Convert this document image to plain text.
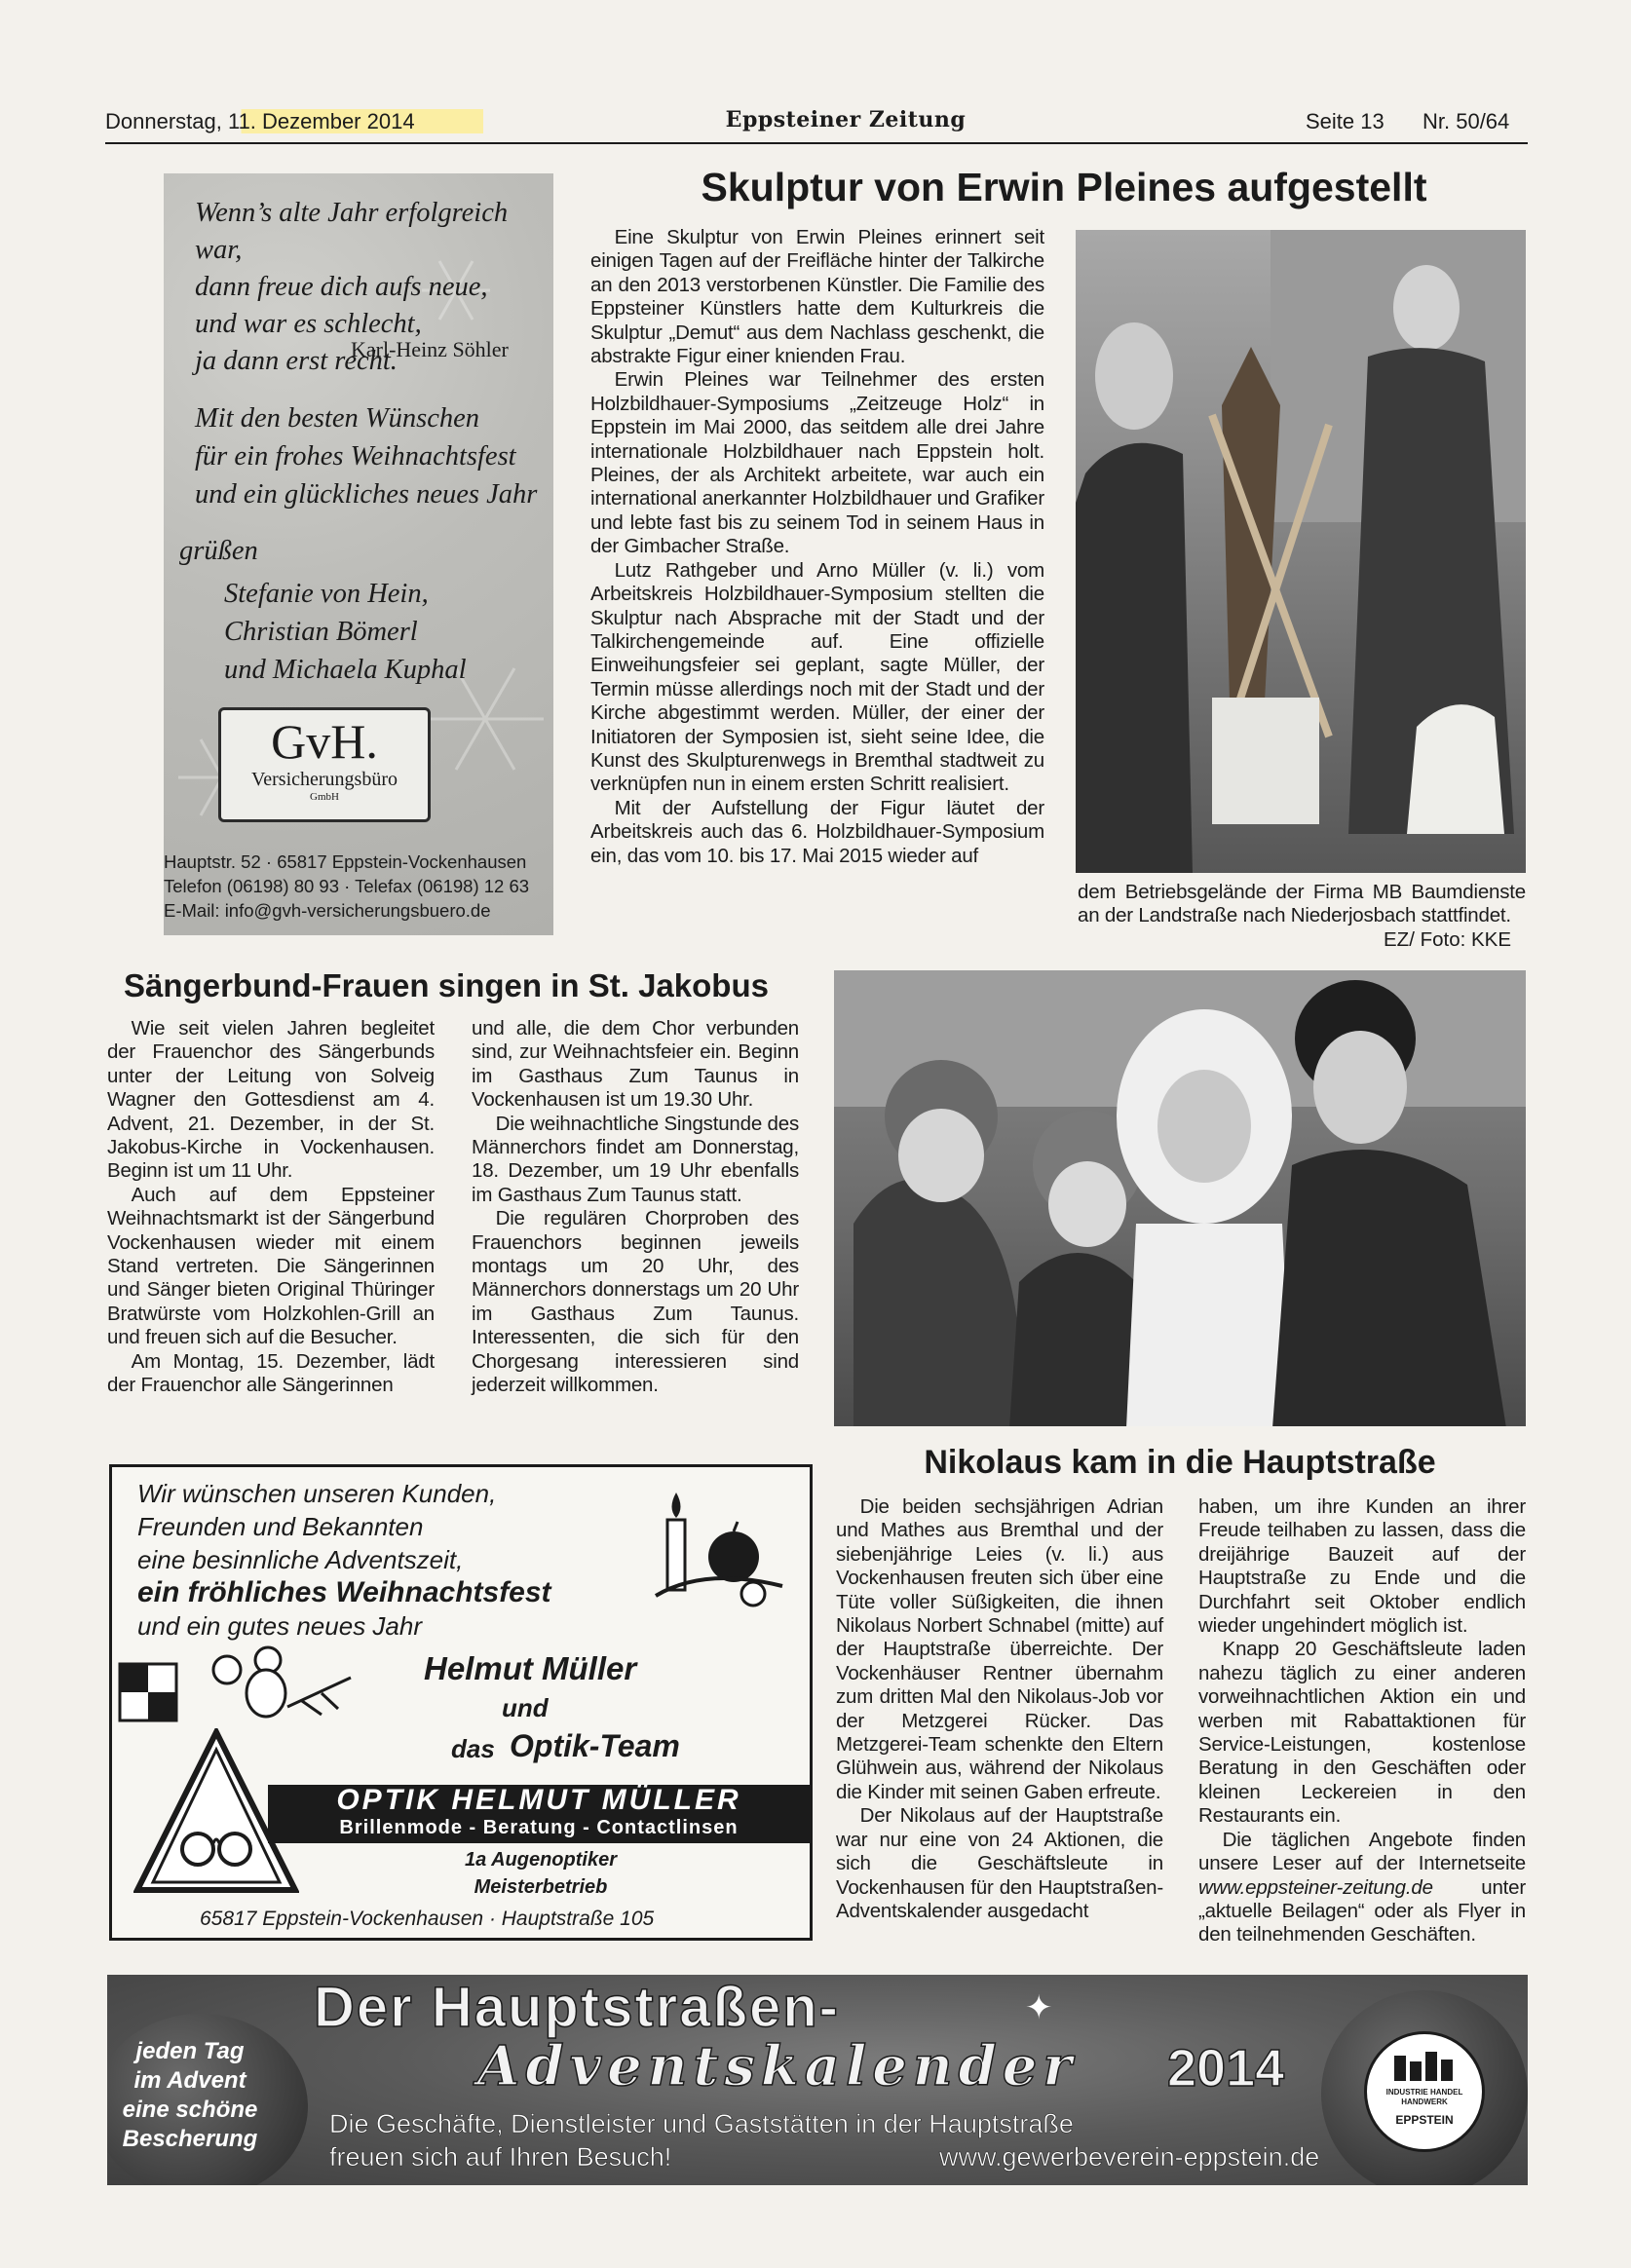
Donnerstag, 11. Dezember 2014	Eppsteiner Zeitung	Seite 13 Nr. 50/64
Wenn’s alte Jahr erfolgreich war,
dann freue dich aufs neue,
und war es schlecht,
ja dann erst recht.
Karl-Heinz Söhler
Mit den besten Wünschen
für ein frohes Weihnachtsfest
und ein glückliches neues Jahr
grüßen
Stefanie von Hein,
Christian Bömerl
und Michaela Kuphal
GvH.
Versicherungsbüro
GmbH
Hauptstr. 52 · 65817 Eppstein-Vockenhausen
Telefon (06198) 80 93 · Telefax (06198) 12 63
E-Mail: info@gvh-versicherungsbuero.de
Skulptur von Erwin Pleines aufgestellt

Eine Skulptur von Erwin Pleines erinnert seit einigen Tagen auf der Freifläche hinter der Talkirche an den 2013 verstorbenen Künstler. Die Familie des Eppsteiner Künstlers hatte dem Kulturkreis die Skulptur „Demut“ aus dem Nachlass geschenkt, die abstrakte Figur einer knienden Frau.

Erwin Pleines war Teilnehmer des ersten Holzbildhauer-Symposiums „Zeitzeuge Holz“ in Eppstein im Mai 2000, das seitdem alle drei Jahre internationale Holzbildhauer nach Eppstein holt. Pleines, der als Architekt arbeitete, war auch ein international anerkannter Holzbildhauer und Grafiker und lebte fast bis zu seinem Tod in seinem Haus in der Gimbacher Straße.

Lutz Rathgeber und Arno Müller (v. li.) vom Arbeitskreis Holzbildhauer-Symposium stellten die Skulptur nach Absprache mit der Stadt und der Talkirchengemeinde auf. Eine offizielle Einweihungsfeier sei geplant, sagte Müller, der Termin müsse allerdings noch mit der Stadt und der Kirche abgestimmt werden. Müller, der einer der Initiatoren der Symposien ist, sieht seine Idee, die Kunst des Skulpturenwegs in Bremthal stadtweit zu verknüpfen nun in einem ersten Schritt realisiert.

Mit der Aufstellung der Figur läutet der Arbeitskreis auch das 6. Holzbildhauer-Symposium ein, das vom 10. bis 17. Mai 2015 wieder auf

dem Betriebsgelände der Firma MB Baumdienste an der Landstraße nach Niederjosbach stattfindet.
EZ/ Foto: KKE
Sängerbund-Frauen singen in St. Jakobus

Wie seit vielen Jahren begleitet der Frauenchor des Sängerbunds unter der Leitung von Solveig Wagner den Gottesdienst am 4. Advent, 21. Dezember, in der St. Jakobus-Kirche in Vockenhausen. Beginn ist um 11 Uhr.

Auch auf dem Eppsteiner Weihnachtsmarkt ist der Sängerbund Vockenhausen wieder mit einem Stand vertreten. Die Sängerinnen und Sänger bieten Original Thüringer Bratwürste vom Holzkohlen-Grill an und freuen sich auf die Besucher.

Am Montag, 15. Dezember, lädt der Frauenchor alle Sängerinnen

und alle, die dem Chor verbunden sind, zur Weihnachtsfeier ein. Beginn im Gasthaus Zum Taunus in Vockenhausen ist um 19.30 Uhr.

Die weihnachtliche Singstunde des Männerchors findet am Donnerstag, 18. Dezember, um 19 Uhr ebenfalls im Gasthaus Zum Taunus statt.

Die regulären Chorproben des Frauenchors beginnen jeweils montags um 20 Uhr, des Männerchors donnerstags um 20 Uhr im Gasthaus Zum Taunus. Interessenten, die sich für den Chorgesang interessieren sind jederzeit willkommen.

Nikolaus kam in die Hauptstraße

Die beiden sechsjährigen Adrian und Mathes aus Bremthal und der siebenjährige Leies (v. li.) aus Vockenhausen freuten sich über eine Tüte voller Süßigkeiten, die ihnen Nikolaus Norbert Schnabel (mitte) auf der Hauptstraße überreichte. Der Vockenhäuser Rentner übernahm zum dritten Mal den Nikolaus-Job vor der Metzgerei Rücker. Das Metzgerei-Team schenkte den Eltern Glühwein aus, während der Nikolaus die Kinder mit seinen Gaben erfreute.

Der Nikolaus auf der Hauptstraße war nur eine von 24 Aktionen, die sich die Geschäftsleute in Vockenhausen für den Hauptstraßen-Adventskalender ausgedacht

haben, um ihre Kunden an ihrer Freude teilhaben zu lassen, dass die dreijährige Bauzeit auf der Hauptstraße zu Ende und die Durchfahrt seit Oktober endlich wieder ungehindert möglich ist.

Knapp 20 Geschäftsleute laden nahezu täglich zu einer anderen vorweihnachtlichen Aktion ein und werben mit Rabattaktionen für Service-Leistungen, kostenlose Beratung in den Geschäften oder kleinen Leckereien in den Restaurants ein.

Die täglichen Angebote finden unsere Leser auf der Internetseite www.eppsteiner-zeitung.de unter „aktuelle Beilagen“ oder als Flyer in den teilnehmenden Geschäften.

Wir wünschen unseren Kunden,
Freunden und Bekannten
eine besinnliche Adventszeit,
ein fröhliches Weihnachtsfest
und ein gutes neues Jahr
Helmut Müller
und
das Optik-Team
OPTIK HELMUT MÜLLER
Brillenmode - Beratung - Contactlinsen
1a Augenoptiker
Meisterbetrieb
65817 Eppstein-Vockenhausen · Hauptstraße 105
jeden Tag
im Advent
eine schöne
Bescherung
Der Hauptstraßen-
Adventskalender 2014
✦
Die Geschäfte, Dienstleister und Gaststätten in der Hauptstraße
freuen sich auf Ihren Besuch!	www.gewerbeverein-eppstein.de
INDUSTRIE HANDEL HANDWERK
EPPSTEIN
